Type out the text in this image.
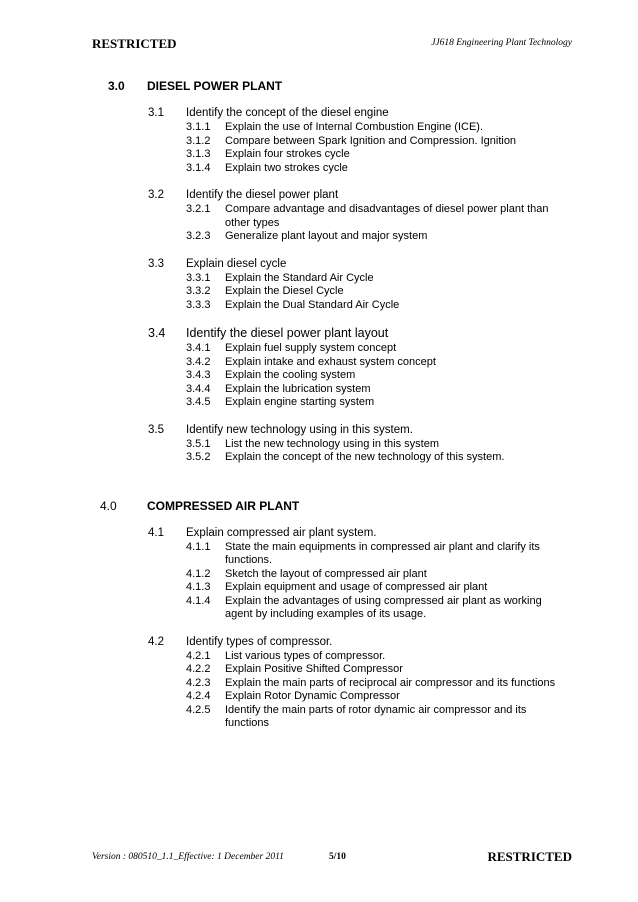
RESTRICTED	JJ618 Engineering Plant Technology
3.0 DIESEL POWER PLANT
3.1 Identify the concept of the diesel engine
3.1.1 Explain the use of Internal Combustion Engine (ICE).
3.1.2 Compare between Spark Ignition and Compression. Ignition
3.1.3 Explain four strokes cycle
3.1.4 Explain two strokes cycle
3.2 Identify the diesel power plant
3.2.1 Compare advantage and disadvantages of diesel power plant than other types
3.2.3 Generalize plant layout and major system
3.3 Explain diesel cycle
3.3.1 Explain the Standard Air Cycle
3.3.2 Explain the Diesel Cycle
3.3.3 Explain the Dual Standard Air Cycle
3.4 Identify the diesel power plant layout
3.4.1 Explain fuel supply system concept
3.4.2 Explain intake and exhaust system concept
3.4.3 Explain the cooling system
3.4.4 Explain the lubrication system
3.4.5 Explain engine starting system
3.5 Identify new technology using in this system.
3.5.1 List the new technology using in this system
3.5.2 Explain the concept of the new technology of this system.
4.0	COMPRESSED AIR PLANT
4.1 Explain compressed air plant system.
4.1.1 State the main equipments in compressed air plant and clarify its functions.
4.1.2 Sketch the layout of compressed air plant
4.1.3 Explain equipment and usage of compressed air plant
4.1.4 Explain the advantages of using compressed air plant as working agent by including examples of its usage.
4.2 Identify types of compressor.
4.2.1 List various types of compressor.
4.2.2 Explain Positive Shifted Compressor
4.2.3 Explain the main parts of reciprocal air compressor and its functions
4.2.4 Explain Rotor Dynamic Compressor
4.2.5 Identify the main parts of rotor dynamic air compressor and its functions
Version : 080510_1.1_Effective: 1 December 2011	5/10	RESTRICTED
